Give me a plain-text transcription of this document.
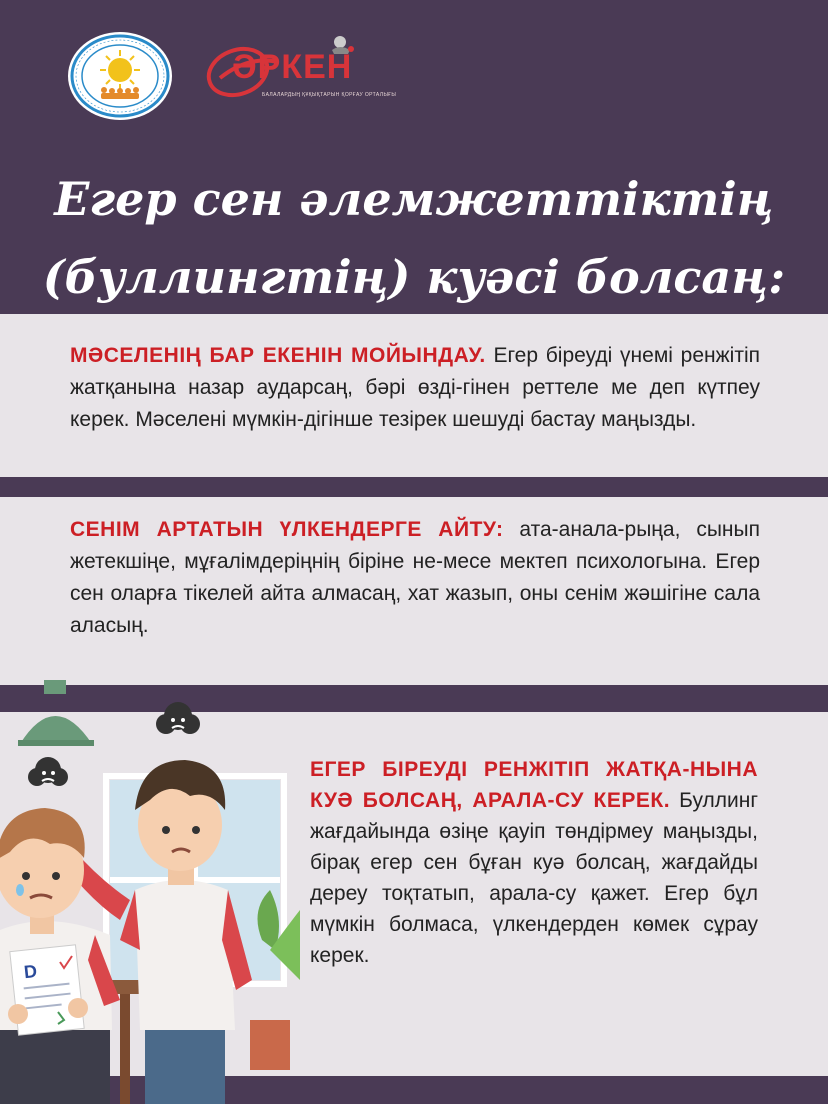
ӘРКЕН
БАЛАЛАРДЫҢ ҚҰҚЫҚТАРЫН ҚОРҒАУ ОРТАЛЫҒЫ
Егер сен әлемжеттіктің
(буллингтің) куәсі болсаң:
МӘСЕЛЕНІҢ БАР ЕКЕНІН МОЙЫНДАУ. Егер біреуді үнемі ренжітіп жатқанына назар аударсаң, бәрі өзді-гінен реттеле ме деп күтпеу керек. Мәселені мүмкін-дігінше тезірек шешуді бастау маңызды.
СЕНІМ АРТАТЫН ҮЛКЕНДЕРГЕ АЙТУ: ата-анала-рыңа, сынып жетекшіңе, мұғалімдеріңнің біріне не-месе мектеп психологына. Егер сен оларға тікелей айта алмасаң, хат жазып, оны сенім жәшігіне сала аласың.
ЕГЕР БІРЕУДІ РЕНЖІТІП ЖАТҚА-НЫНА КУӘ БОЛСАҢ, АРАЛА-СУ КЕРЕК. Буллинг жағдайында өзіңе қауіп төндірмеу маңызды, бірақ егер сен бұған куә болсаң, жағдайды дереу тоқтатып, арала-су қажет. Егер бұл мүмкін болмаса, үлкендерден көмек сұрау керек.
D
